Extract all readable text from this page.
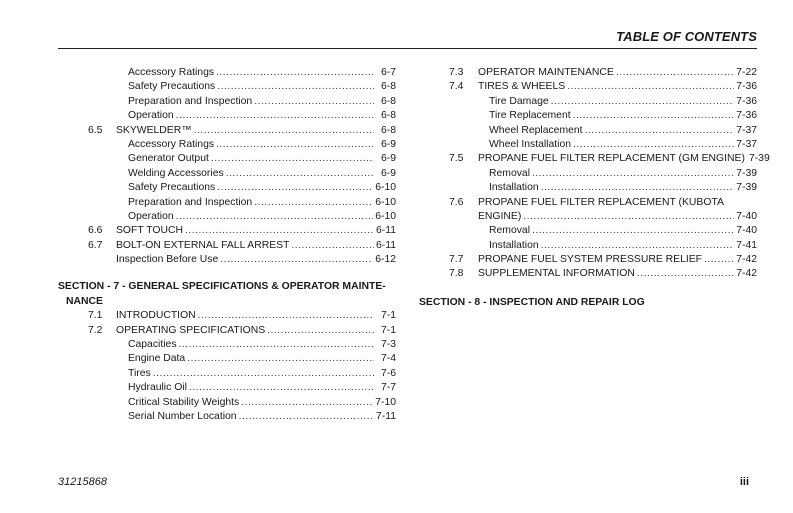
TABLE OF CONTENTS
Accessory Ratings . . .	6-7
Safety Precautions . . .	6-8
Preparation and Inspection . . .	6-8
Operation . . .	6-8
6.5	SKYWELDER™ . . .	6-8
Accessory Ratings . . .	6-9
Generator Output . . .	6-9
Welding Accessories . . .	6-9
Safety Precautions . . .	6-10
Preparation and Inspection . . .	6-10
Operation . . .	6-10
6.6	SOFT TOUCH . . .	6-11
6.7	BOLT-ON EXTERNAL FALL ARREST . . .	6-11
Inspection Before Use . . .	6-12
SECTION - 7 - GENERAL SPECIFICATIONS & OPERATOR MAINTE-
NANCE
7.1	INTRODUCTION . . .	7-1
7.2	OPERATING SPECIFICATIONS . . .	7-1
Capacities . . .	7-3
Engine Data . . .	7-4
Tires . . .	7-6
Hydraulic Oil . . .	7-7
Critical Stability Weights . . .	7-10
Serial Number Location . . .	7-11
7.3	OPERATOR MAINTENANCE . . .	7-22
7.4	TIRES & WHEELS . . .	7-36
Tire Damage . . .	7-36
Tire Replacement . . .	7-36
Wheel Replacement . . .	7-37
Wheel Installation . . .	7-37
7.5	PROPANE FUEL FILTER REPLACEMENT (GM ENGINE) 7-39
Removal . . .	7-39
Installation . . .	7-39
7.6	PROPANE FUEL FILTER REPLACEMENT (KUBOTA
ENGINE) . . .	7-40
Removal . . .	7-40
Installation . . .	7-41
7.7	PROPANE FUEL SYSTEM PRESSURE RELIEF . . .	7-42
7.8	SUPPLEMENTAL INFORMATION . . .	7-42
SECTION - 8 - INSPECTION AND REPAIR LOG
31215868	iii
